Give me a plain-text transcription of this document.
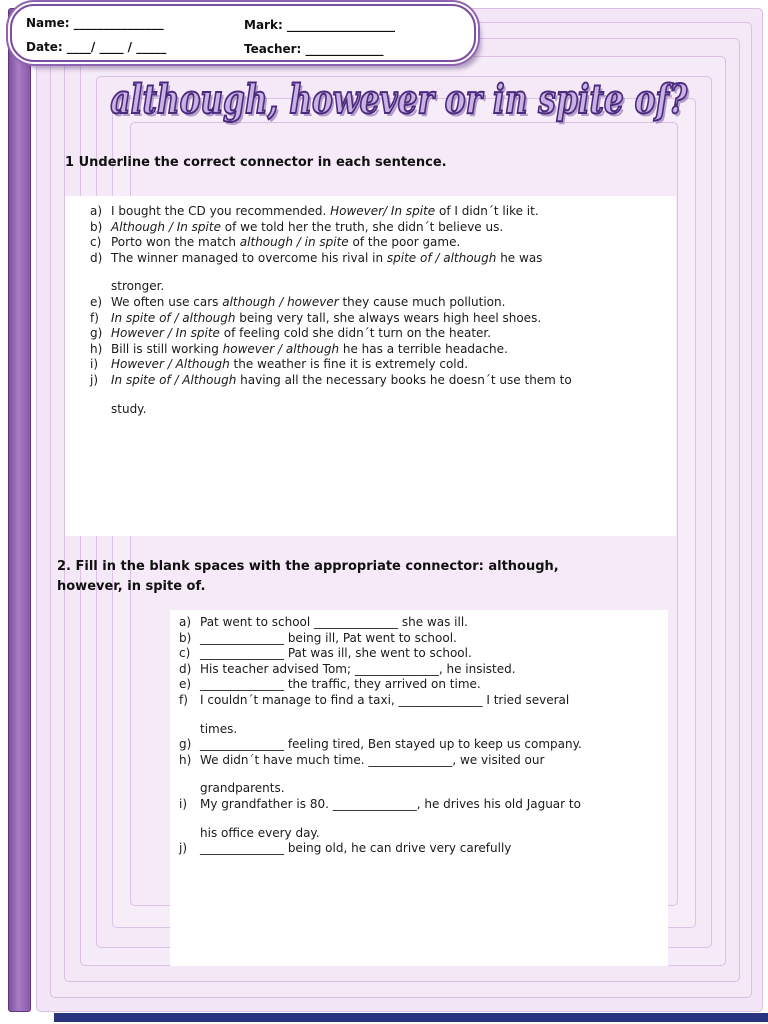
Name: _______________	Mark: __________________
Date: ____/ ____ / _____	Teacher: _____________
although, however or in spite of?
1 Underline the correct connector in each sentence.
a) I bought the CD you recommended. However/ In spite of I didn´t like it.
b) Although / In spite of we told her the truth, she didn´t believe us.
c) Porto won the match although / in spite of the poor game.
d) The winner managed to overcome his rival in spite of / although he was
stronger.
e) We often use cars although / however they cause much pollution.
f)	In spite of / although being very tall, she always wears high heel shoes.
g) However / In spite of feeling cold she didn´t turn on the heater.
h) Bill is still working however / although he has a terrible headache.
i)	However / Although the weather is fine it is extremely cold.
j)	In spite of / Although having all the necessary books he doesn´t use them to
study.
2. Fill in the blank spaces with the appropriate connector: although,
however, in spite of.
a) Pat went to school ______________ she was ill.
b) ______________ being ill, Pat went to school.
c) ______________ Pat was ill, she went to school.
d) His teacher advised Tom; ______________, he insisted.
e) ______________ the traffic, they arrived on time.
f)	I couldn´t manage to find a taxi, ______________ I tried several
times.
g) ______________ feeling tired, Ben stayed up to keep us company.
h) We didn´t have much time. ______________, we visited our
grandparents.
i)	My grandfather is 80. ______________, he drives his old Jaguar to
his office every day.
j)	______________ being old, he can drive very carefully
